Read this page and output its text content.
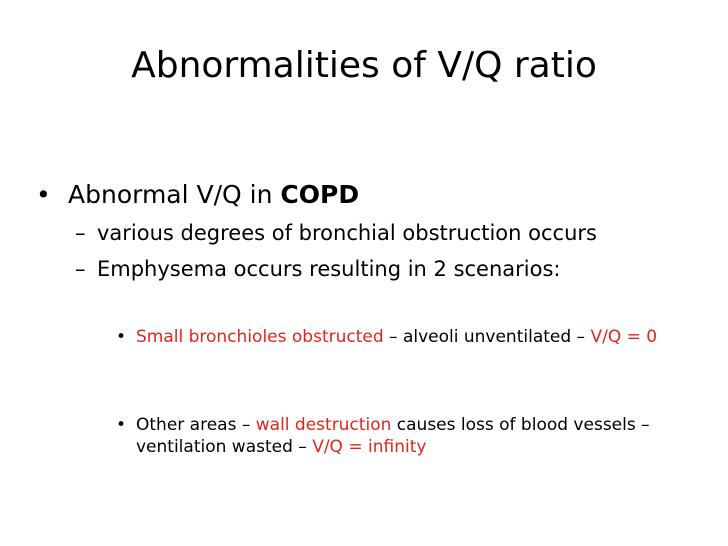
Abnormalities of V/Q ratio
• Abnormal V/Q in COPD
– various degrees of bronchial obstruction occurs
– Emphysema occurs resulting in 2 scenarios:
• Small bronchioles obstructed – alveoli unventilated – V/Q = 0
• Other areas – wall destruction causes loss of blood vessels – ventilation wasted – V/Q = infinity
